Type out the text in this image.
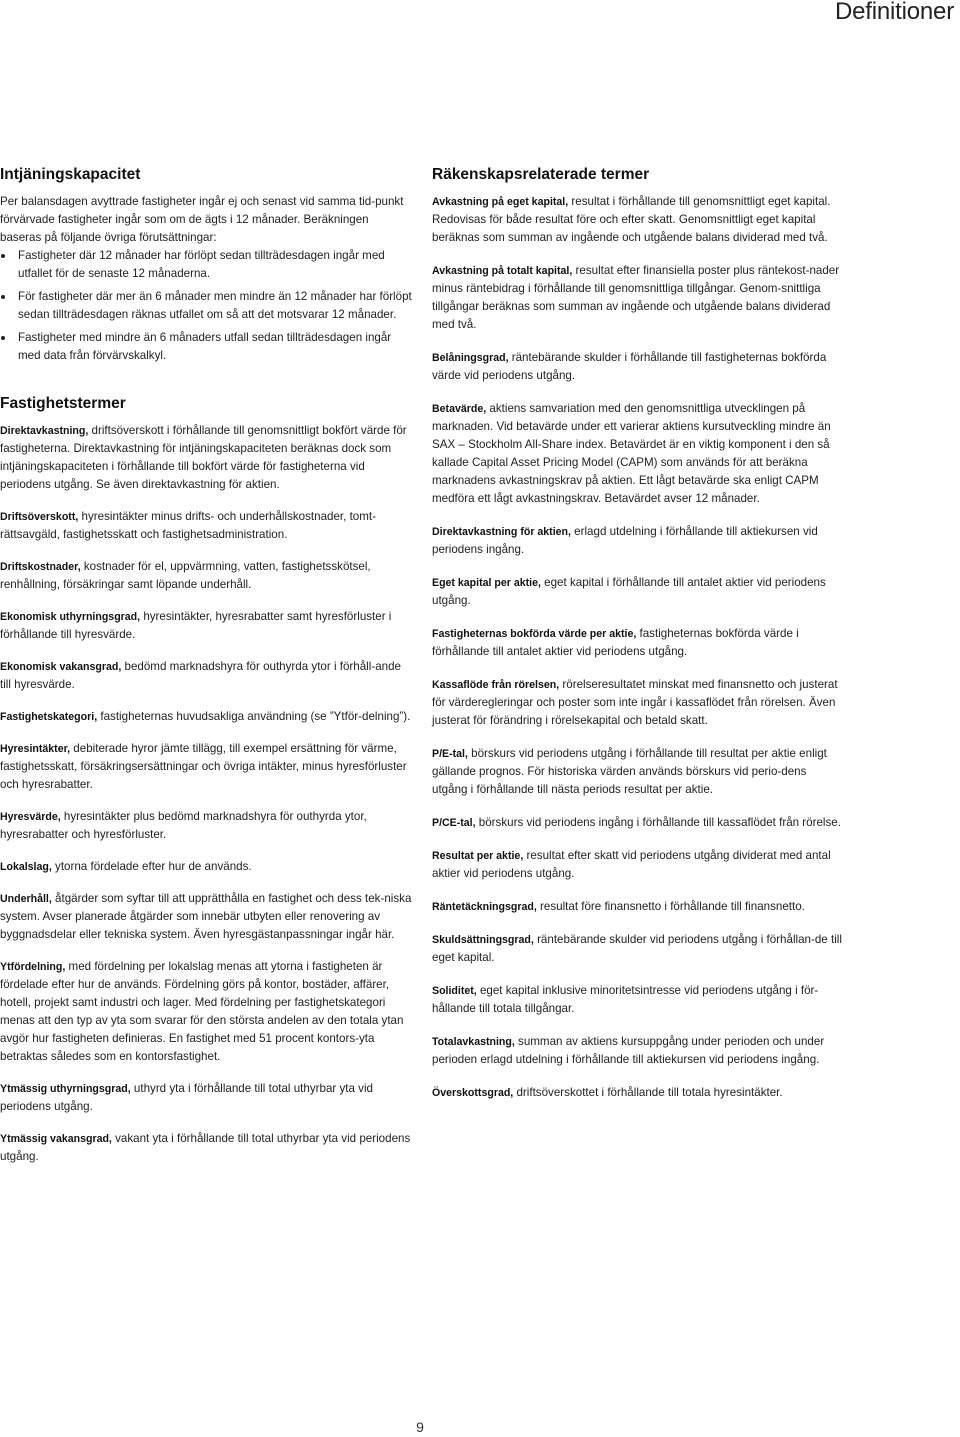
Definitioner
Intjäningskapacitet

Per balansdagen avyttrade fastigheter ingår ej och senast vid samma tid-punkt förvärvade fastigheter ingår som om de ägts i 12 månader. Beräkningen baseras på följande övriga förutsättningar:

Fastigheter där 12 månader har förlöpt sedan tillträdesdagen ingår med utfallet för de senaste 12 månaderna.
För fastigheter där mer än 6 månader men mindre än 12 månader har förlöpt sedan tillträdesdagen räknas utfallet om så att det motsvarar 12 månader.
Fastigheter med mindre än 6 månaders utfall sedan tillträdesdagen ingår med data från förvärvskalkyl.
Fastighetstermer

Direktavkastning, driftsöverskott i förhållande till genomsnittligt bokfört värde för fastigheterna. Direktavkastning för intjäningskapaciteten beräknas dock som intjäningskapaciteten i förhållande till bokfört värde för fastigheterna vid periodens utgång. Se även direktavkastning för aktien.

Driftsöverskott, hyresintäkter minus drifts- och underhållskostnader, tomt-rättsavgäld, fastighetsskatt och fastighetsadministration.

Driftskostnader, kostnader för el, uppvärmning, vatten, fastighetsskötsel, renhållning, försäkringar samt löpande underhåll.

Ekonomisk uthyrningsgrad, hyresintäkter, hyresrabatter samt hyresförluster i förhållande till hyresvärde.

Ekonomisk vakansgrad, bedömd marknadshyra för outhyrda ytor i förhåll-ande till hyresvärde.

Fastighetskategori, fastigheternas huvudsakliga användning (se ”Ytför-delning”).

Hyresintäkter, debiterade hyror jämte tillägg, till exempel ersättning för värme, fastighetsskatt, försäkringsersättningar och övriga intäkter, minus hyresförluster och hyresrabatter.

Hyresvärde, hyresintäkter plus bedömd marknadshyra för outhyrda ytor, hyresrabatter och hyresförluster.

Lokalslag, ytorna fördelade efter hur de används.

Underhåll, åtgärder som syftar till att upprätthålla en fastighet och dess tek-niska system. Avser planerade åtgärder som innebär utbyten eller renovering av byggnadsdelar eller tekniska system. Även hyresgästanpassningar ingår här.

Ytfördelning, med fördelning per lokalslag menas att ytorna i fastigheten är fördelade efter hur de används. Fördelning görs på kontor, bostäder, affärer, hotell, projekt samt industri och lager. Med fördelning per fastighetskategori menas att den typ av yta som svarar för den största andelen av den totala ytan avgör hur fastigheten definieras. En fastighet med 51 procent kontors-yta betraktas således som en kontorsfastighet.

Ytmässig uthyrningsgrad, uthyrd yta i förhållande till total uthyrbar yta vid periodens utgång.

Ytmässig vakansgrad, vakant yta i förhållande till total uthyrbar yta vid periodens utgång.

Räkenskapsrelaterade termer

Avkastning på eget kapital, resultat i förhållande till genomsnittligt eget kapital. Redovisas för både resultat före och efter skatt. Genomsnittligt eget kapital beräknas som summan av ingående och utgående balans dividerad med två.

Avkastning på totalt kapital, resultat efter finansiella poster plus räntekost-nader minus räntebidrag i förhållande till genomsnittliga tillgångar. Genom-snittliga tillgångar beräknas som summan av ingående och utgående balans dividerad med två.

Belåningsgrad, räntebärande skulder i förhållande till fastigheternas bokförda värde vid periodens utgång.

Betavärde, aktiens samvariation med den genomsnittliga utvecklingen på marknaden. Vid betavärde under ett varierar aktiens kursutveckling mindre än SAX – Stockholm All-Share index. Betavärdet är en viktig komponent i den så kallade Capital Asset Pricing Model (CAPM) som används för att beräkna marknadens avkastningskrav på aktien. Ett lågt betavärde ska enligt CAPM medföra ett lågt avkastningskrav. Betavärdet avser 12 månader.

Direktavkastning för aktien, erlagd utdelning i förhållande till aktiekursen vid periodens ingång.

Eget kapital per aktie, eget kapital i förhållande till antalet aktier vid periodens utgång.

Fastigheternas bokförda värde per aktie, fastigheternas bokförda värde i förhållande till antalet aktier vid periodens utgång.

Kassaflöde från rörelsen, rörelseresultatet minskat med finansnetto och justerat för värderegleringar och poster som inte ingår i kassaflödet från rörelsen. Även justerat för förändring i rörelsekapital och betald skatt.

P/E-tal, börskurs vid periodens utgång i förhållande till resultat per aktie enligt gällande prognos. För historiska värden används börskurs vid perio-dens utgång i förhållande till nästa periods resultat per aktie.

P/CE-tal, börskurs vid periodens ingång i förhållande till kassaflödet från rörelse.

Resultat per aktie, resultat efter skatt vid periodens utgång dividerat med antal aktier vid periodens utgång.

Räntetäckningsgrad, resultat före finansnetto i förhållande till finansnetto.

Skuldsättningsgrad, räntebärande skulder vid periodens utgång i förhållan-de till eget kapital.

Soliditet, eget kapital inklusive minoritetsintresse vid periodens utgång i för-hållande till totala tillgångar.

Totalavkastning, summan av aktiens kursuppgång under perioden och under perioden erlagd utdelning i förhållande till aktiekursen vid periodens ingång.

Överskottsgrad, driftsöverskottet i förhållande till totala hyresintäkter.

9
